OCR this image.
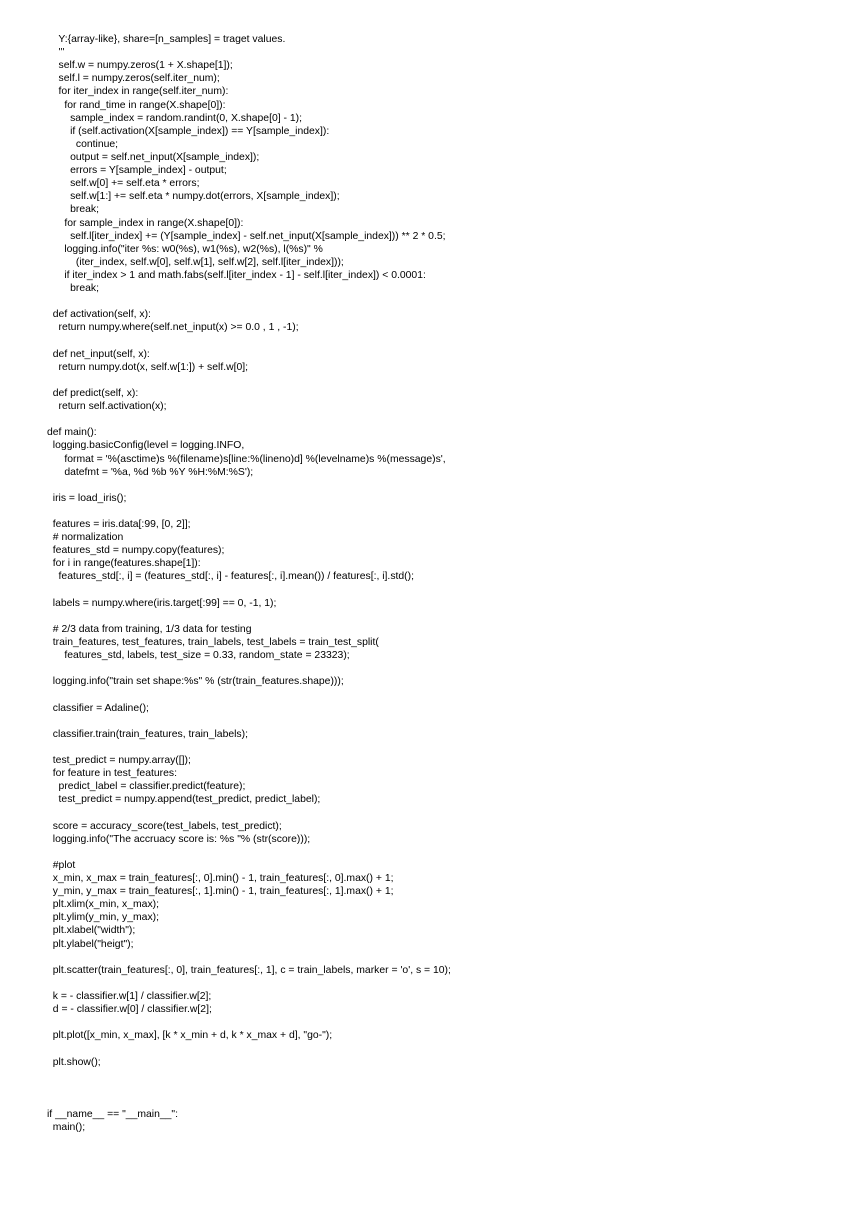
Y:{array-like}, share=[n_samples] = traget values.
'''
self.w = numpy.zeros(1 + X.shape[1]);
self.l = numpy.zeros(self.iter_num);
for iter_index in range(self.iter_num):
for rand_time in range(X.shape[0]):
sample_index = random.randint(0, X.shape[0] - 1);
if (self.activation(X[sample_index]) == Y[sample_index]):
continue;
output = self.net_input(X[sample_index]);
errors = Y[sample_index] - output;
self.w[0] += self.eta * errors;
self.w[1:] += self.eta * numpy.dot(errors, X[sample_index]);
break;
for sample_index in range(X.shape[0]):
self.l[iter_index] += (Y[sample_index] - self.net_input(X[sample_index])) ** 2 * 0.5;
logging.info("iter %s: w0(%s), w1(%s), w2(%s), l(%s)" %
(iter_index, self.w[0], self.w[1], self.w[2], self.l[iter_index]));
if iter_index > 1 and math.fabs(self.l[iter_index - 1] - self.l[iter_index]) < 0.0001:
break;
def activation(self, x):
return numpy.where(self.net_input(x) >= 0.0 , 1 , -1);
def net_input(self, x):
return numpy.dot(x, self.w[1:]) + self.w[0];
def predict(self, x):
return self.activation(x);
def main():
logging.basicConfig(level = logging.INFO,
format = '%(asctime)s %(filename)s[line:%(lineno)d] %(levelname)s %(message)s',
datefmt = '%a, %d %b %Y %H:%M:%S');
iris = load_iris();
features = iris.data[:99, [0, 2]];
# normalization
features_std = numpy.copy(features);
for i in range(features.shape[1]):
features_std[:, i] = (features_std[:, i] - features[:, i].mean()) / features[:, i].std();
labels = numpy.where(iris.target[:99] == 0, -1, 1);
# 2/3 data from training, 1/3 data for testing
train_features, test_features, train_labels, test_labels = train_test_split(
features_std, labels, test_size = 0.33, random_state = 23323);
logging.info("train set shape:%s" % (str(train_features.shape)));
classifier = Adaline();
classifier.train(train_features, train_labels);
test_predict = numpy.array([]);
for feature in test_features:
predict_label = classifier.predict(feature);
test_predict = numpy.append(test_predict, predict_label);
score = accuracy_score(test_labels, test_predict);
logging.info("The accruacy score is: %s "% (str(score)));
#plot
x_min, x_max = train_features[:, 0].min() - 1, train_features[:, 0].max() + 1;
y_min, y_max = train_features[:, 1].min() - 1, train_features[:, 1].max() + 1;
plt.xlim(x_min, x_max);
plt.ylim(y_min, y_max);
plt.xlabel("width");
plt.ylabel("heigt");
plt.scatter(train_features[:, 0], train_features[:, 1], c = train_labels, marker = 'o', s = 10);
k = - classifier.w[1] / classifier.w[2];
d = - classifier.w[0] / classifier.w[2];
plt.plot([x_min, x_max], [k * x_min + d, k * x_max + d], "go-");
plt.show();
if __name__ == "__main__":
main();
